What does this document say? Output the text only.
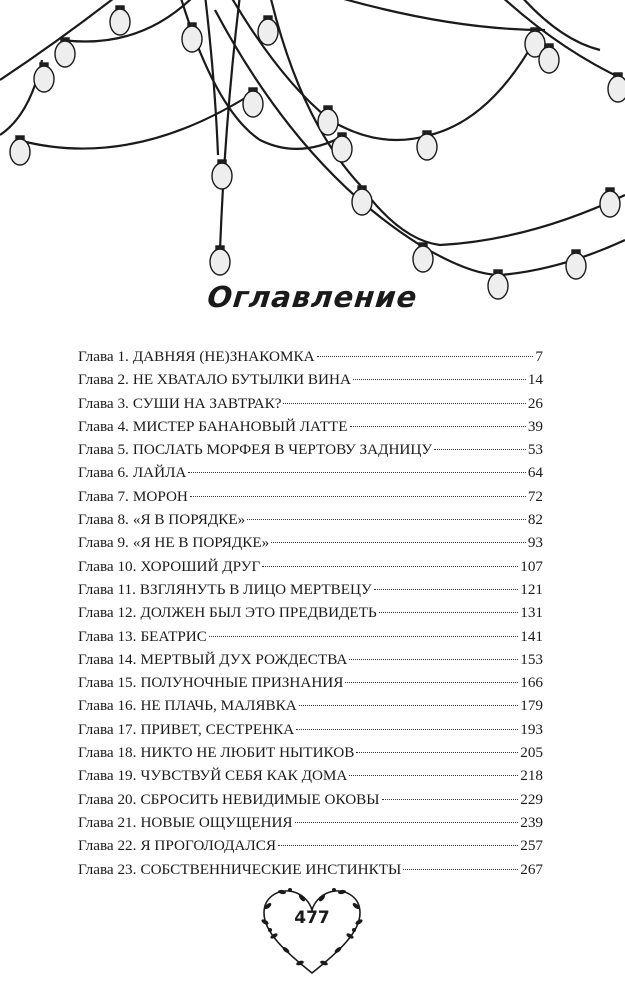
Оглавление
Глава 1. ДАВНЯЯ (НЕ)ЗНАКОМКА	7
Глава 2. НЕ ХВАТАЛО БУТЫЛКИ ВИНА	14
Глава 3. СУШИ НА ЗАВТРАК?	26
Глава 4. МИСТЕР БАНАНОВЫЙ ЛАТТЕ	39
Глава 5. ПОСЛАТЬ МОРФЕЯ В ЧЕРТОВУ ЗАДНИЦУ	53
Глава 6. ЛАЙЛА	64
Глава 7. МОРОН	72
Глава 8. «Я В ПОРЯДКЕ»	82
Глава 9. «Я НЕ В ПОРЯДКЕ»	93
Глава 10. ХОРОШИЙ ДРУГ	107
Глава 11. ВЗГЛЯНУТЬ В ЛИЦО МЕРТВЕЦУ	121
Глава 12. ДОЛЖЕН БЫЛ ЭТО ПРЕДВИДЕТЬ	131
Глава 13. БЕАТРИС	141
Глава 14. МЕРТВЫЙ ДУХ РОЖДЕСТВА	153
Глава 15. ПОЛУНОЧНЫЕ ПРИЗНАНИЯ	166
Глава 16. НЕ ПЛАЧЬ, МАЛЯВКА	179
Глава 17. ПРИВЕТ, СЕСТРЕНКА	193
Глава 18. НИКТО НЕ ЛЮБИТ НЫТИКОВ	205
Глава 19. ЧУВСТВУЙ СЕБЯ КАК ДОМА	218
Глава 20. СБРОСИТЬ НЕВИДИМЫЕ ОКОВЫ	229
Глава 21. НОВЫЕ ОЩУЩЕНИЯ	239
Глава 22. Я ПРОГОЛОДАЛСЯ	257
Глава 23. СОБСТВЕННИЧЕСКИЕ ИНСТИНКТЫ	267
477
